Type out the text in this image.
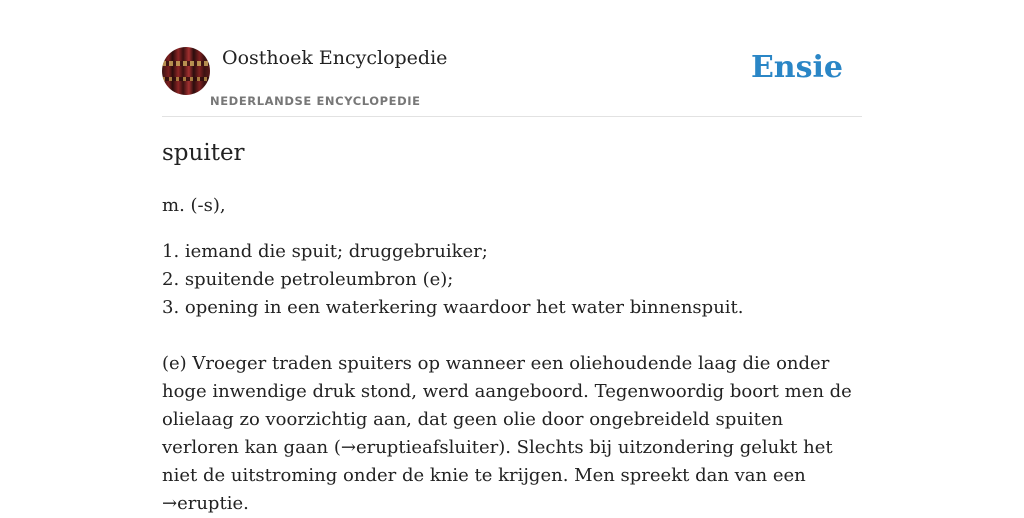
Oosthoek Encyclopedie
NEDERLANDSE ENCYCLOPEDIE
Ensie
spuiter

m. (-s),

1. iemand die spuit; druggebruiker;

2. spuitende petroleumbron (e);

3. opening in een waterkering waardoor het water binnenspuit.

(e) Vroeger traden spuiters op wanneer een oliehoudende laag die onder hoge inwendige druk stond, werd aangeboord. Tegenwoordig boort men de olielaag zo voorzichtig aan, dat geen olie door ongebreideld spuiten verloren kan gaan (→eruptieafsluiter). Slechts bij uitzondering gelukt het niet de uitstroming onder de knie te krijgen. Men spreekt dan van een →eruptie.
